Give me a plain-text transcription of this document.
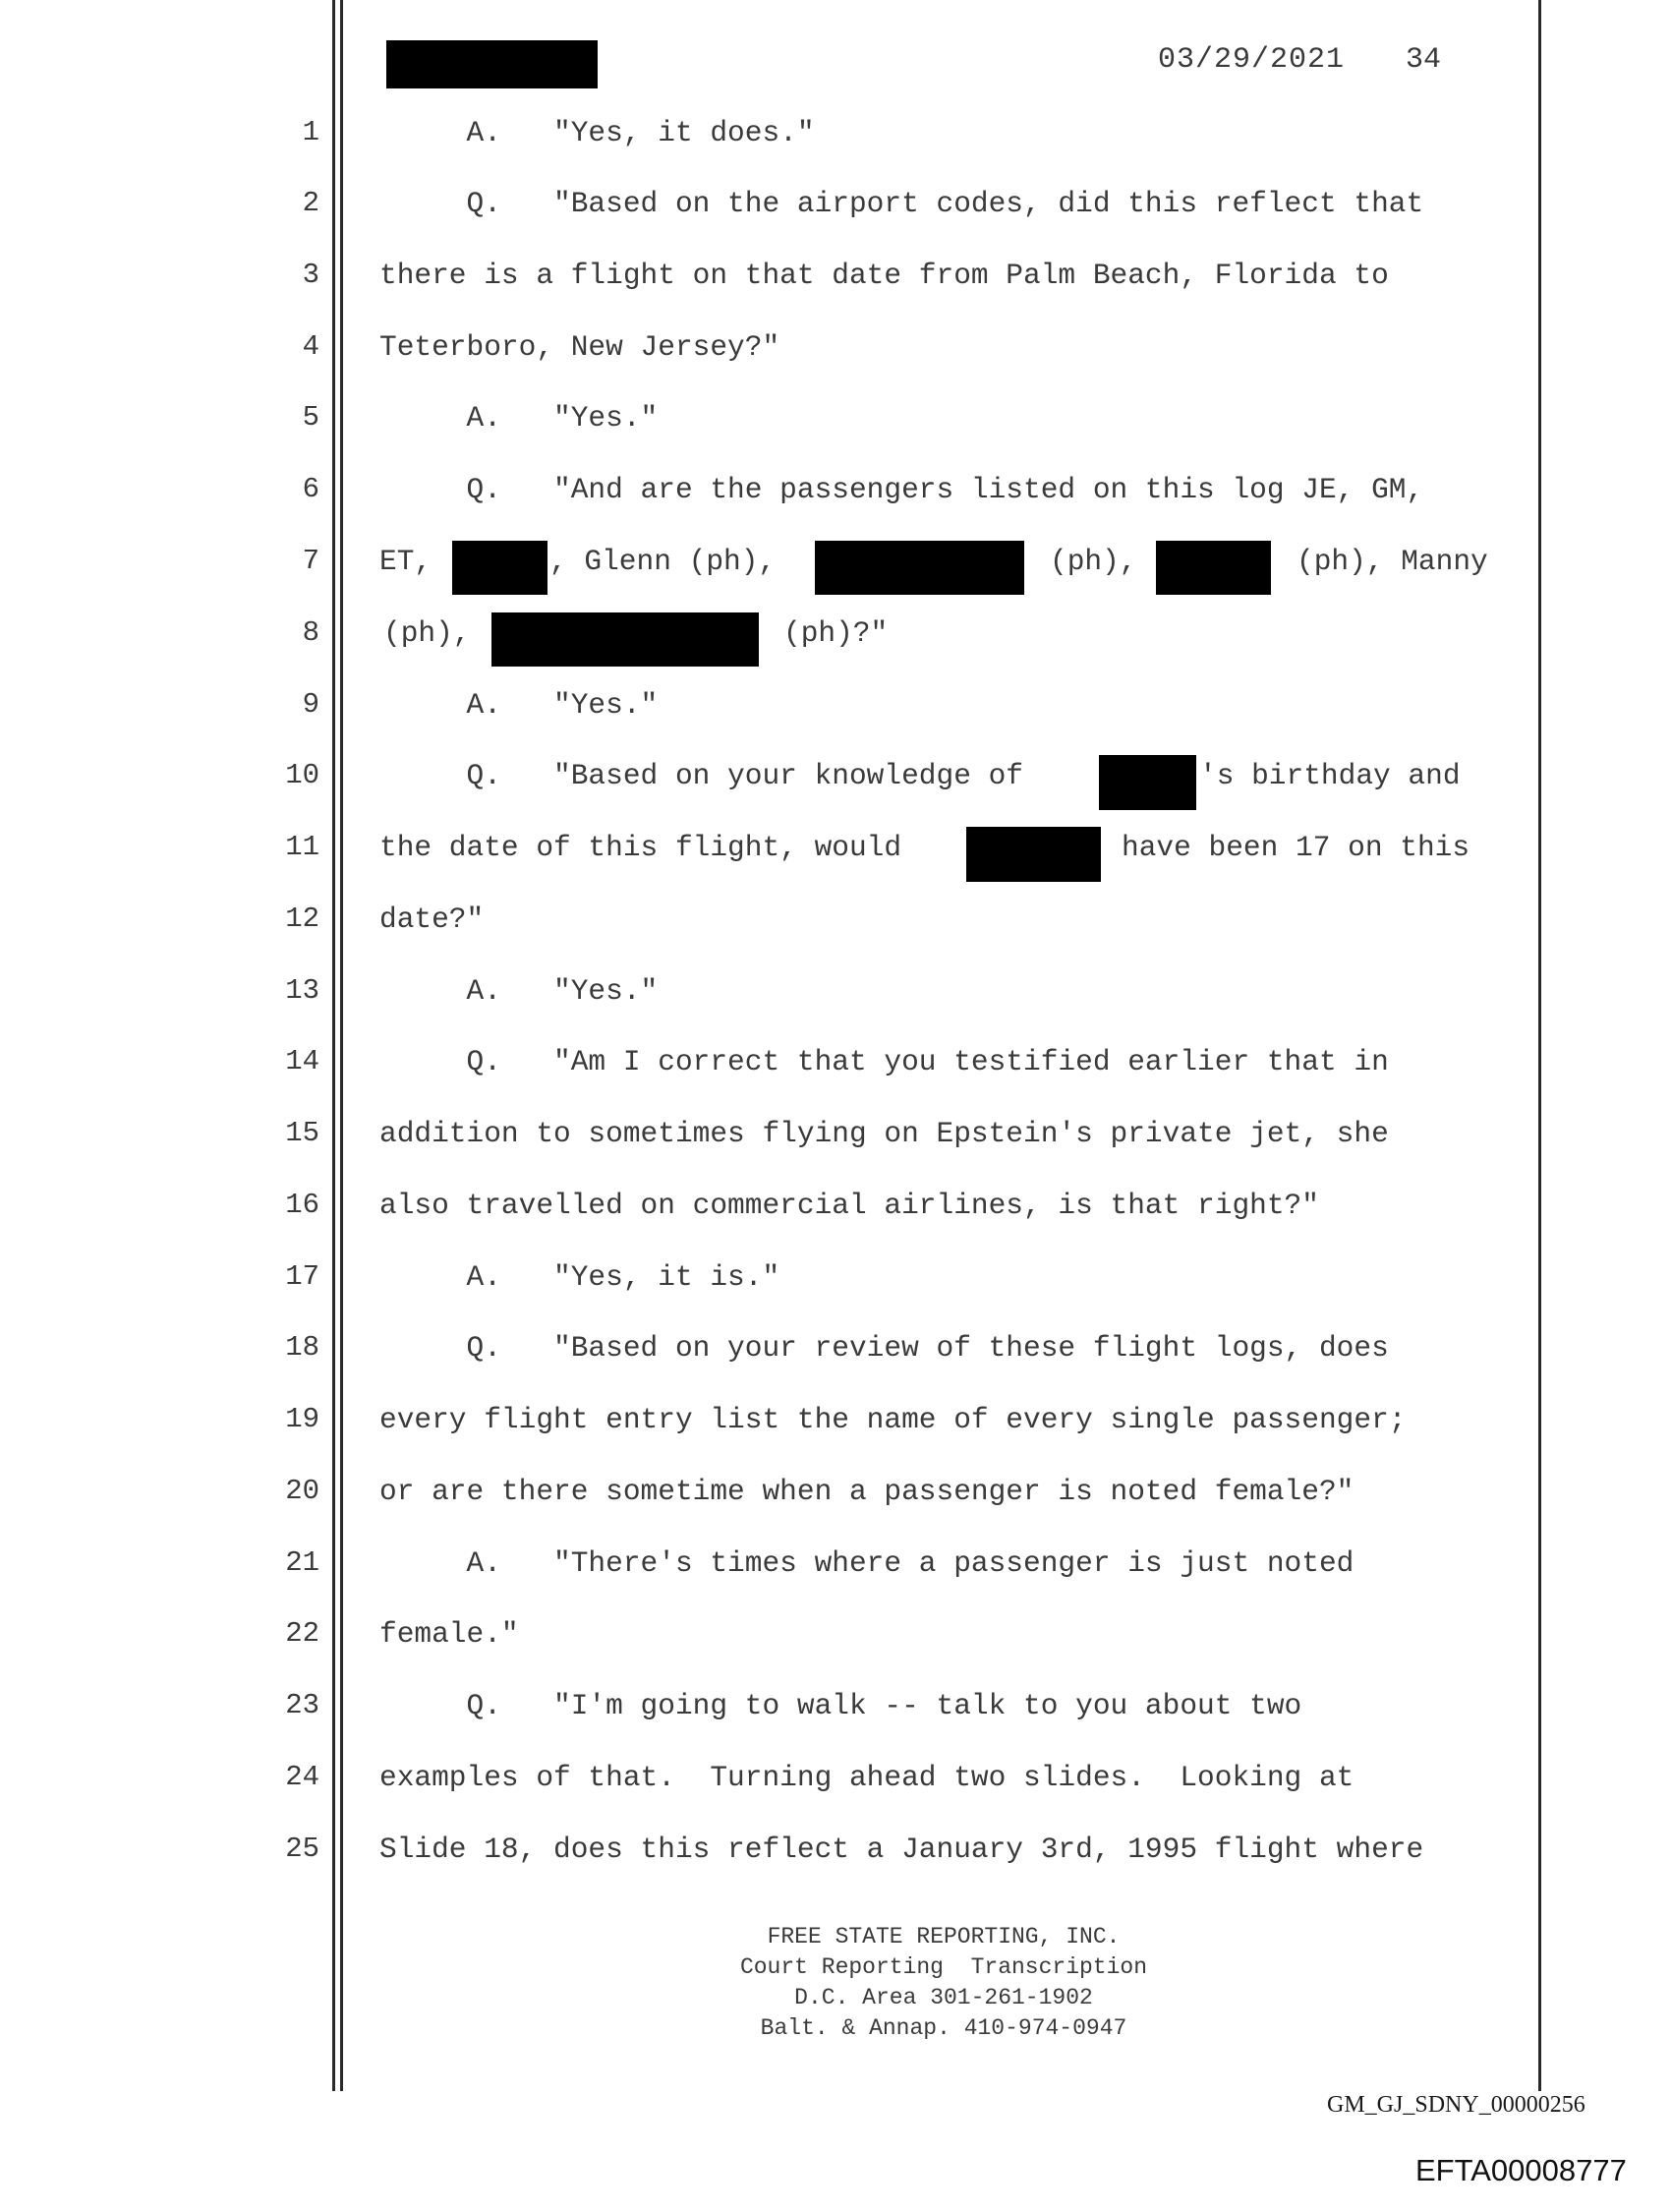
03/29/2021 34
1
2
3
4
5
6
7
8
9
10
11
12
13
14
15
16
17
18
19
20
21
22
23
24
25
A.   "Yes, it does."
Q.   "Based on the airport codes, did this reflect that
there is a flight on that date from Palm Beach, Florida to
Teterboro, New Jersey?"
A.   "Yes."
Q.   "And are the passengers listed on this log JE, GM,
ET,	, Glenn (ph),	(ph),	(ph), Manny
(ph),	(ph)?"
A.   "Yes."
Q.   "Based on your knowledge of	's birthday and
the date of this flight, would	have been 17 on this
date?"
A.   "Yes."
Q.   "Am I correct that you testified earlier that in
addition to sometimes flying on Epstein's private jet, she
also travelled on commercial airlines, is that right?"
A.   "Yes, it is."
Q.   "Based on your review of these flight logs, does
every flight entry list the name of every single passenger;
or are there sometime when a passenger is noted female?"
A.   "There's times where a passenger is just noted
female."
Q.   "I'm going to walk -- talk to you about two
examples of that.  Turning ahead two slides.  Looking at
Slide 18, does this reflect a January 3rd, 1995 flight where
FREE STATE REPORTING, INC.
Court Reporting  Transcription
D.C. Area 301-261-1902
Balt. & Annap. 410-974-0947
GM_GJ_SDNY_00000256
EFTA00008777
